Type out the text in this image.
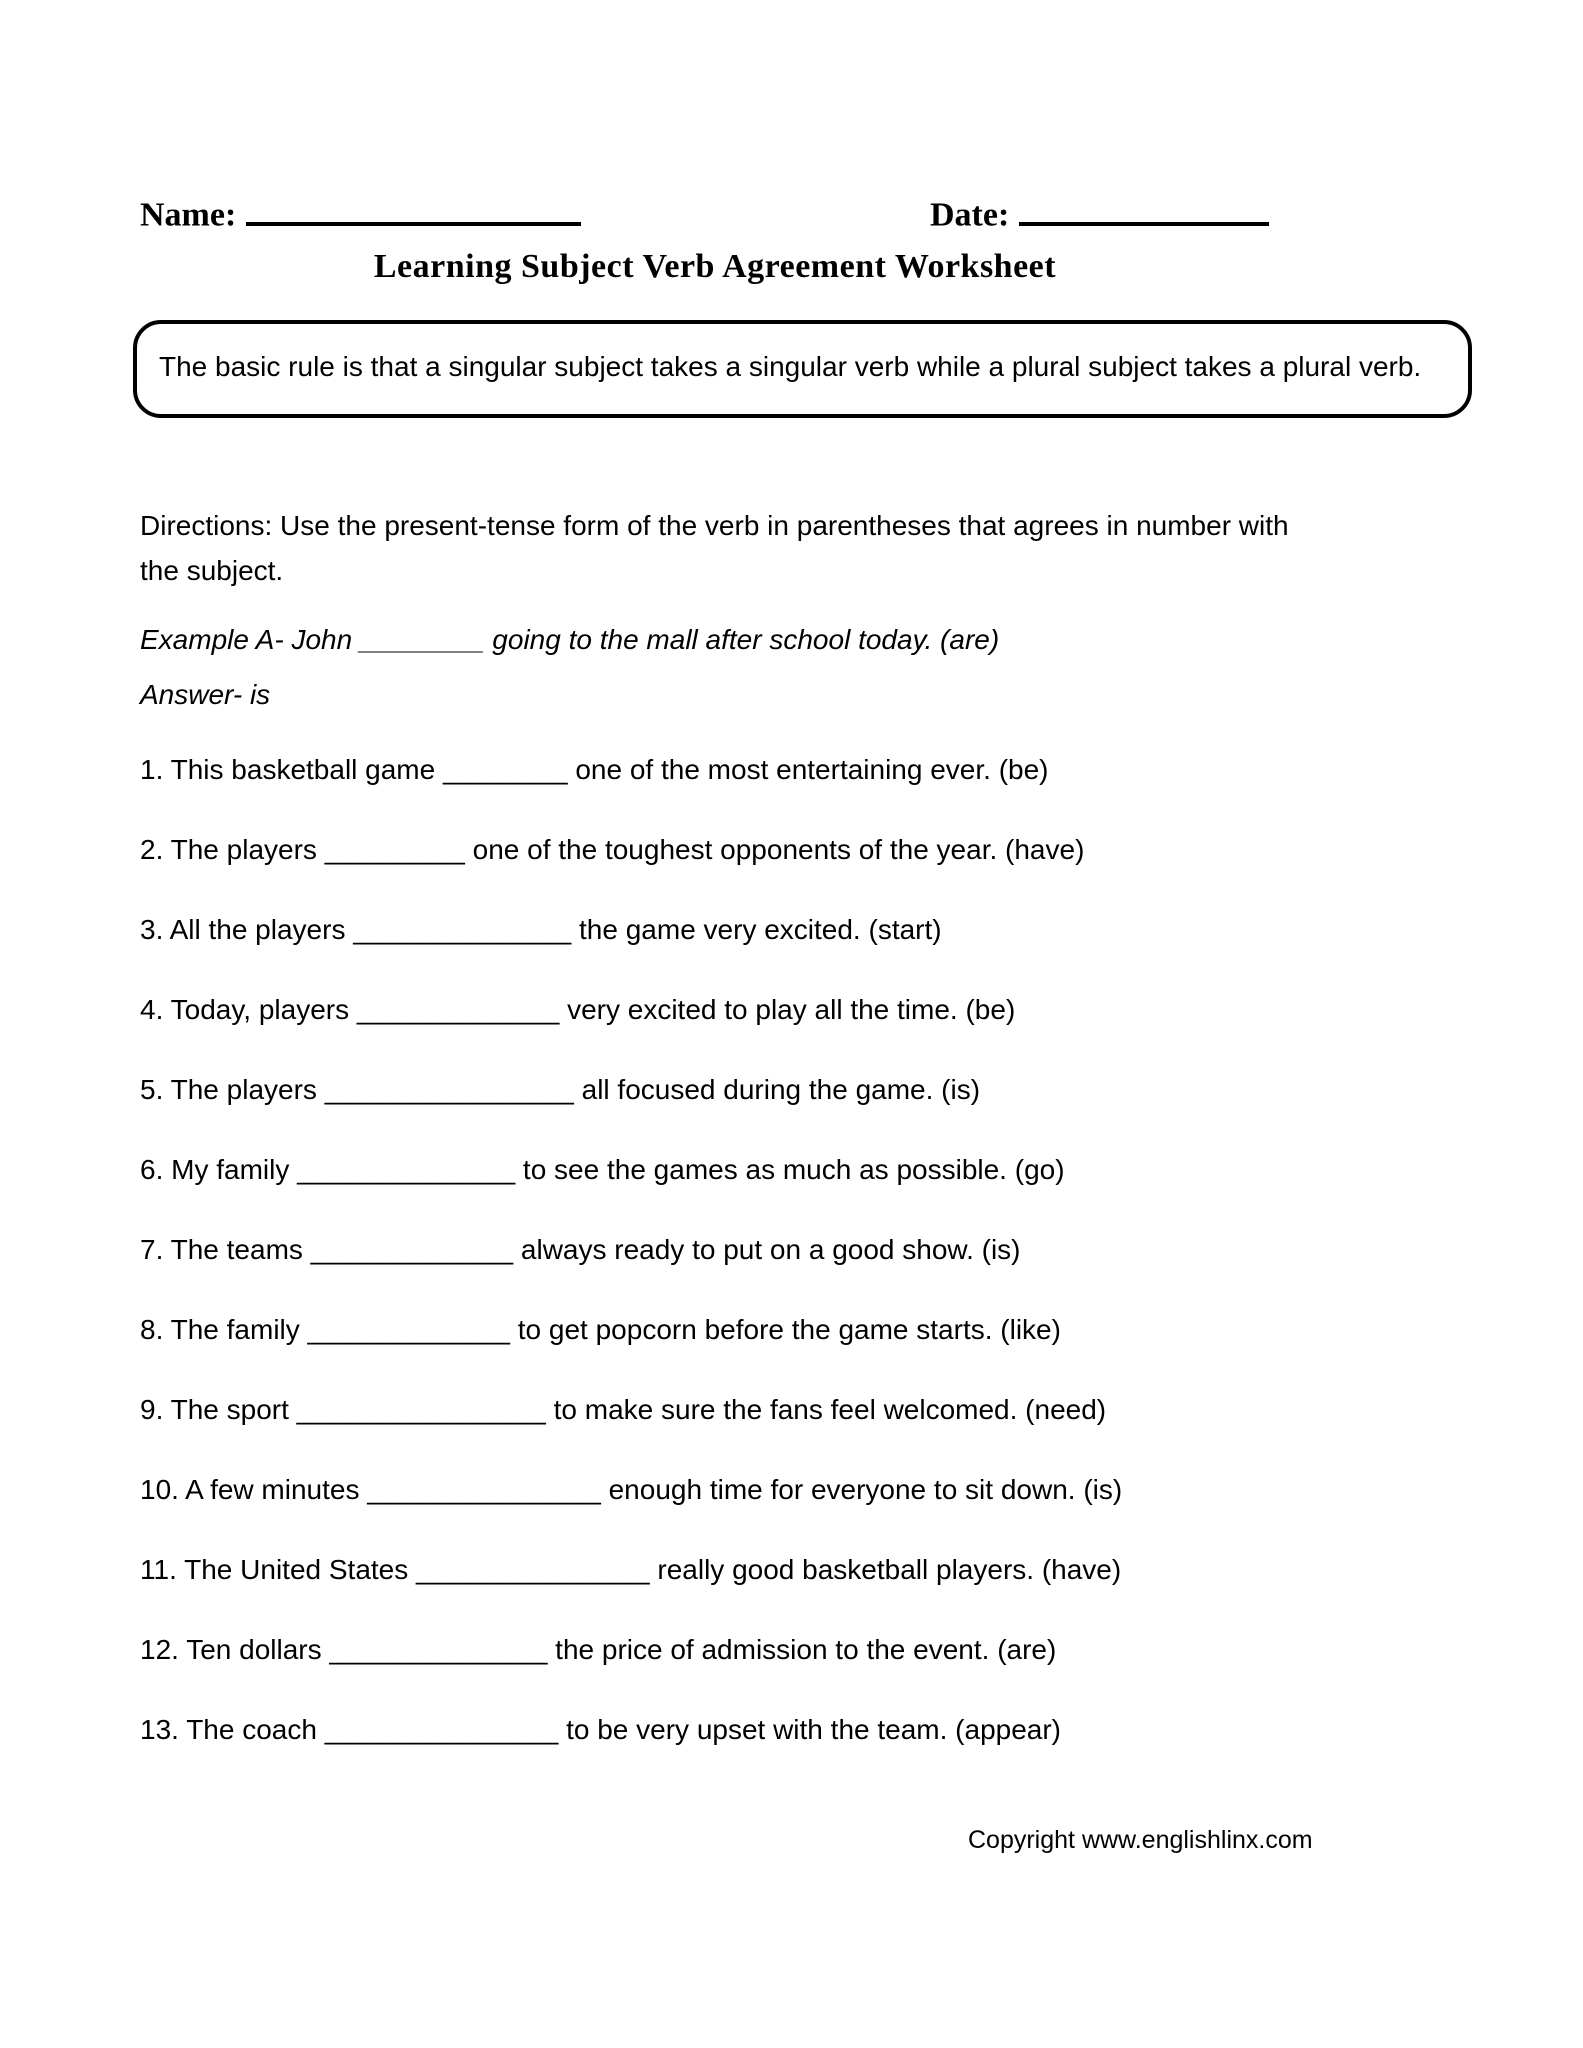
Name:	Date:
Learning Subject Verb Agreement Worksheet
The basic rule is that a singular subject takes a singular verb while a plural subject takes a plural verb.
Directions: Use the present-tense form of the verb in parentheses that agrees in number with the subject.
Example A- John ________ going to the mall after school today. (are)
Answer- is
1. This basketball game ________ one of the most entertaining ever. (be)
2. The players _________ one of the toughest opponents of the year. (have)
3. All the players ______________ the game very excited. (start)
4. Today, players _____________ very excited to play all the time. (be)
5. The players ________________ all focused during the game. (is)
6. My family ______________ to see the games as much as possible. (go)
7. The teams _____________ always ready to put on a good show. (is)
8. The family _____________ to get popcorn before the game starts. (like)
9. The sport ________________ to make sure the fans feel welcomed. (need)
10. A few minutes _______________ enough time for everyone to sit down. (is)
11. The United States _______________ really good basketball players. (have)
12. Ten dollars ______________ the price of admission to the event. (are)
13. The coach _______________ to be very upset with the team. (appear)
Copyright www.englishlinx.com
